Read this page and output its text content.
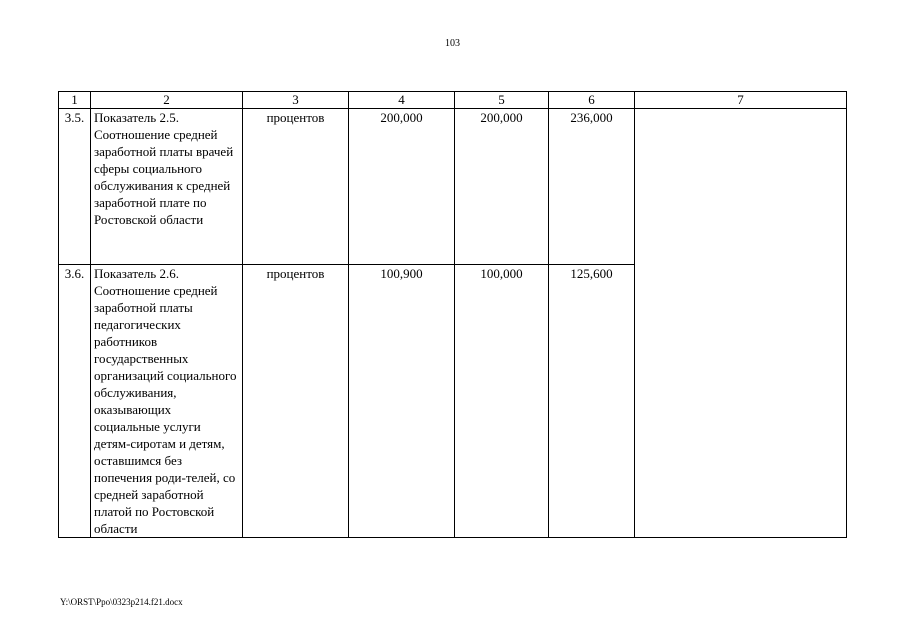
103
1	2	3	4	5	6	7
3.5.	Показатель 2.5. Соотношение средней заработной платы врачей сферы социального обслуживания к средней заработной плате по Ростовской области	процентов	200,000	200,000	236,000	
3.6.	Показатель 2.6. Соотношение средней заработной платы педагогических работников государственных организаций социального обслуживания, оказывающих социальные услуги детям-сиротам и детям, оставшимся без попечения роди-телей, со средней заработной платой по Ростовской области	процентов	100,900	100,000	125,600	
Y:\ORST\Ppo\0323p214.f21.docx
